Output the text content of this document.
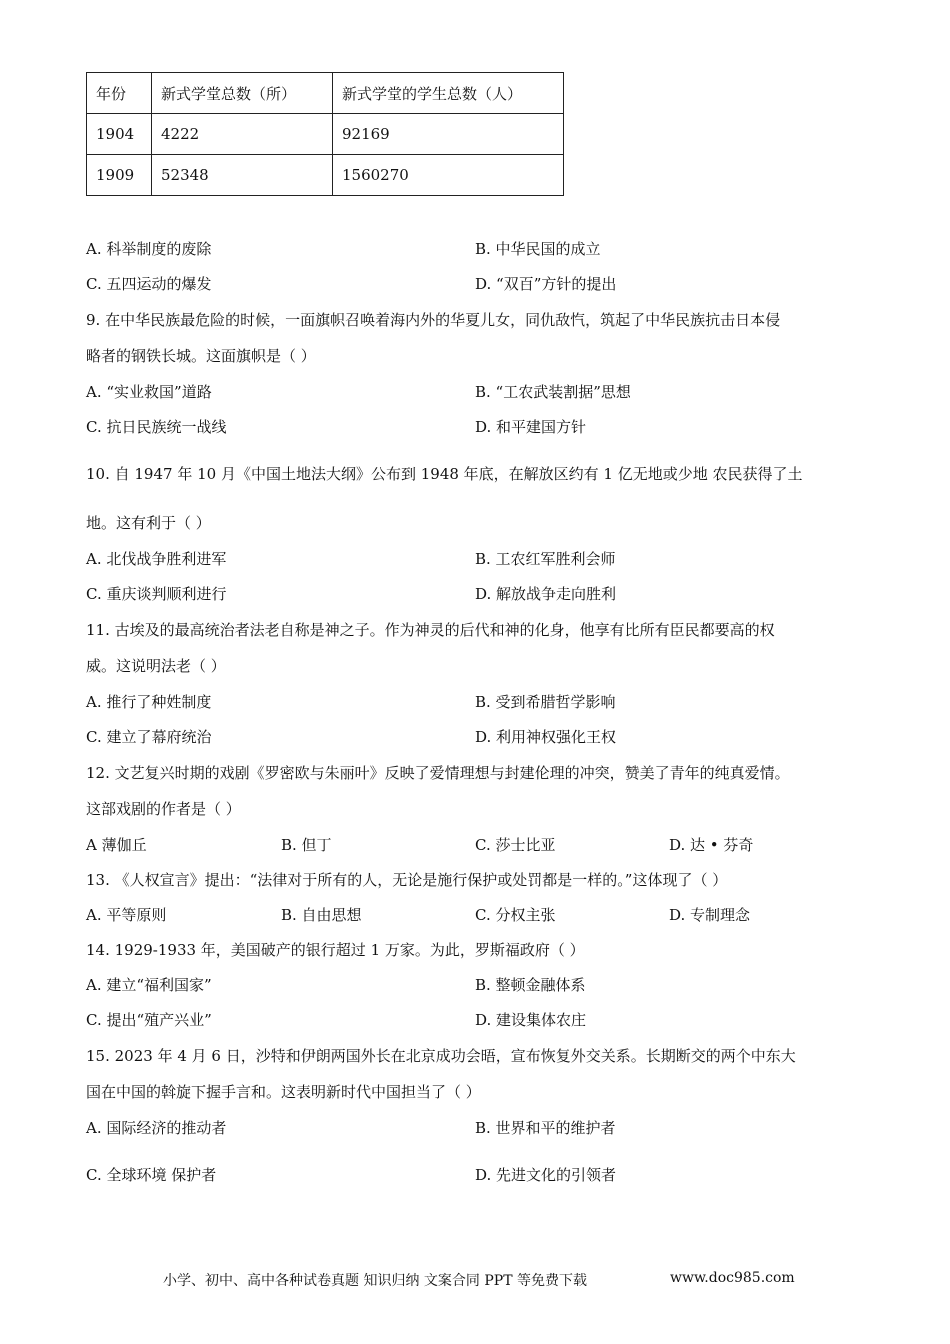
年份	新式学堂总数（所）	新式学堂的学生总数（人）
1904	4222	92169
1909	52348	1560270
A. 科举制度的废除	B. 中华民国的成立
C. 五四运动的爆发	D. “双百”方针的提出
9. 在中华民族最危险的时候，一面旗帜召唤着海内外的华夏儿女，同仇敌忾，筑起了中华民族抗击日本侵
略者的钢铁长城。这面旗帜是（ ）
A. “实业救国”道路	B. “工农武装割据”思想
C. 抗日民族统一战线	D. 和平建国方针
10. 自 1947 年 10 月《中国土地法大纲》公布到 1948 年底，在解放区约有 1 亿无地或少地 农民获得了土
地。这有利于（ ）
A. 北伐战争胜利进军	B. 工农红军胜利会师
C. 重庆谈判顺利进行	D. 解放战争走向胜利
11. 古埃及的最高统治者法老自称是神之子。作为神灵的后代和神的化身，他享有比所有臣民都要高的权
威。这说明法老（ ）
A. 推行了种姓制度	B. 受到希腊哲学影响
C. 建立了幕府统治	D. 利用神权强化王权
12. 文艺复兴时期的戏剧《罗密欧与朱丽叶》反映了爱情理想与封建伦理的冲突，赞美了青年的纯真爱情。
这部戏剧的作者是（ ）
A 薄伽丘	B. 但丁	C. 莎士比亚	D. 达 • 芬奇
13. 《人权宣言》提出：“法律对于所有的人，无论是施行保护或处罚都是一样的。”这体现了（ ）
A. 平等原则	B. 自由思想	C. 分权主张	D. 专制理念
14. 1929-1933 年，美国破产的银行超过 1 万家。为此，罗斯福政府（ ）
A. 建立“福利国家”	B. 整顿金融体系
C. 提出“殖产兴业”	D. 建设集体农庄
15. 2023 年 4 月 6 日，沙特和伊朗两国外长在北京成功会晤，宣布恢复外交关系。长期断交的两个中东大
国在中国的斡旋下握手言和。这表明新时代中国担当了（ ）
A. 国际经济的推动者	B. 世界和平的维护者
C. 全球环境 保护者	D. 先进文化的引领者
小学、初中、高中各种试卷真题 知识归纳 文案合同 PPT 等免费下载	www.doc985.com
